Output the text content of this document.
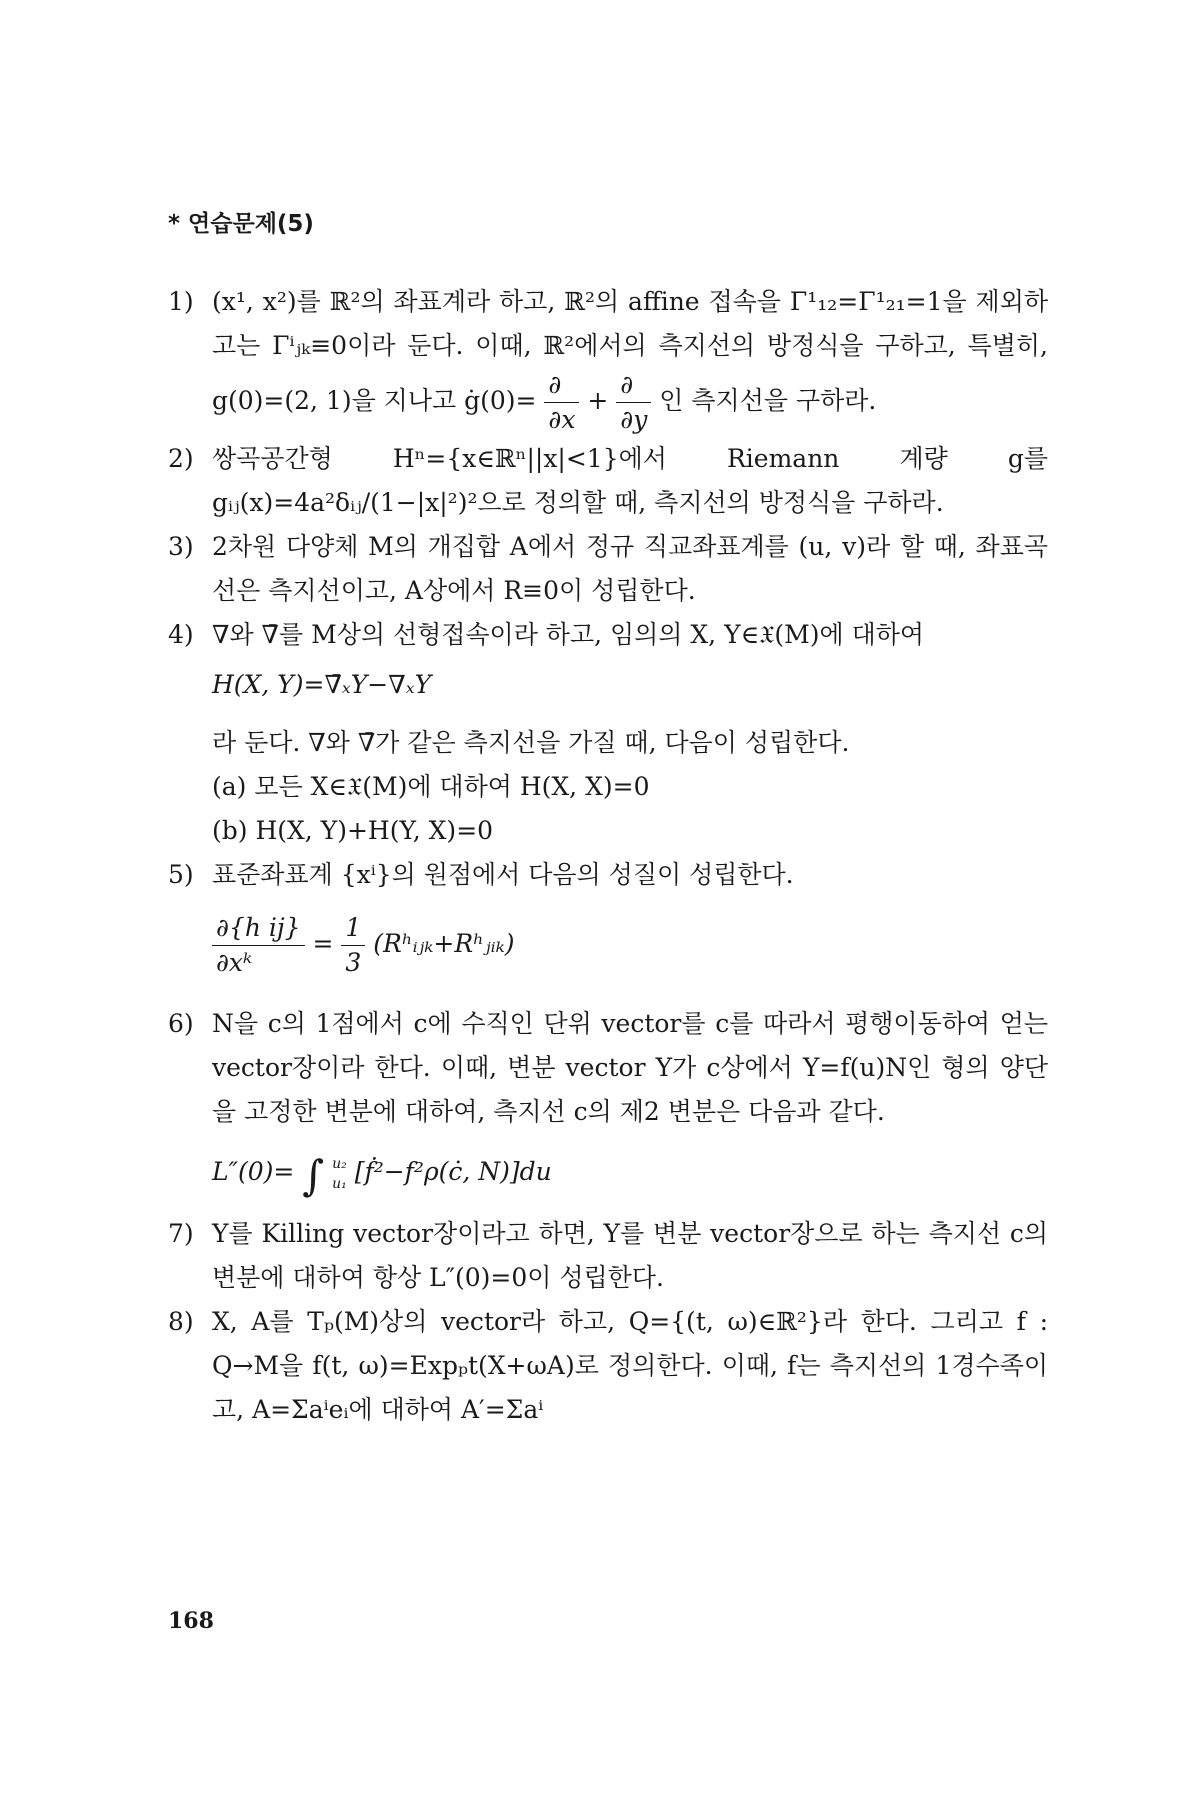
* 연습문제(5)
1) (x¹, x²)를 ℝ²의 좌표계라 하고, ℝ²의 affine 접속을 Γ¹₁₂=Γ¹₂₁=1을 제외하고는 Γⁱⱼₖ≡0이라 둔다. 이때, ℝ²에서의 측지선의 방정식을 구하고, 특별히, g(0)=(2, 1)을 지나고 ġ(0)= $\frac{\partial}{\partial x} + \frac{\partial}{\partial y}$ 인 측지선을 구하라.
2) 쌍곡공간형 Hⁿ={x∈ℝⁿ||x|<1}에서 Riemann 계량 g를 gᵢⱼ(x)=4a²δᵢⱼ/(1−|x|²)²으로 정의할 때, 측지선의 방정식을 구하라.
3) 2차원 다양체 M의 개집합 A에서 정규 직교좌표계를 (u, v)라 할 때, 좌표곡선은 측지선이고, A상에서 R≡0이 성립한다.
4) ∇와 ∇̄를 M상의 선형접속이라 하고, 임의의 X, Y∈𝔛(M)에 대하여
H(X, Y)=∇̄ₓY−∇ₓY
라 둔다. ∇와 ∇̄가 같은 측지선을 가질 때, 다음이 성립한다.
(a) 모든 X∈𝔛(M)에 대하여 H(X, X)=0
(b) H(X, Y)+H(Y, X)=0
5) 표준좌표계 {xⁱ}의 원점에서 다음의 성질이 성립한다.
$\frac{\text{∂\{h ij\}}}{\text{∂xᵏ}} = \frac{1}{3}$ (Rʰᵢⱼₖ+Rʰⱼᵢₖ)
6) N을 c의 1점에서 c에 수직인 단위 vector를 c를 따라서 평행이동하여 얻는 vector장이라 한다. 이때, 변분 vector Y가 c상에서 Y=f(u)N인 형의 양단을 고정한 변분에 대하여, 측지선 c의 제2 변분은 다음과 같다.
L″(0)= ∫ u₂
u₁ [ḟ²−f²ρ(ċ, N)]du
7) Y를 Killing vector장이라고 하면, Y를 변분 vector장으로 하는 측지선 c의 변분에 대하여 항상 L″(0)=0이 성립한다.
8) X, A를 Tₚ(M)상의 vector라 하고, Q={(t, ω)∈ℝ²}라 한다. 그리고 f : Q→M을 f(t, ω)=Expₚt(X+ωA)로 정의한다. 이때, f는 측지선의 1경수족이고, A=Σaⁱeᵢ에 대하여 A′=Σaⁱ
168
